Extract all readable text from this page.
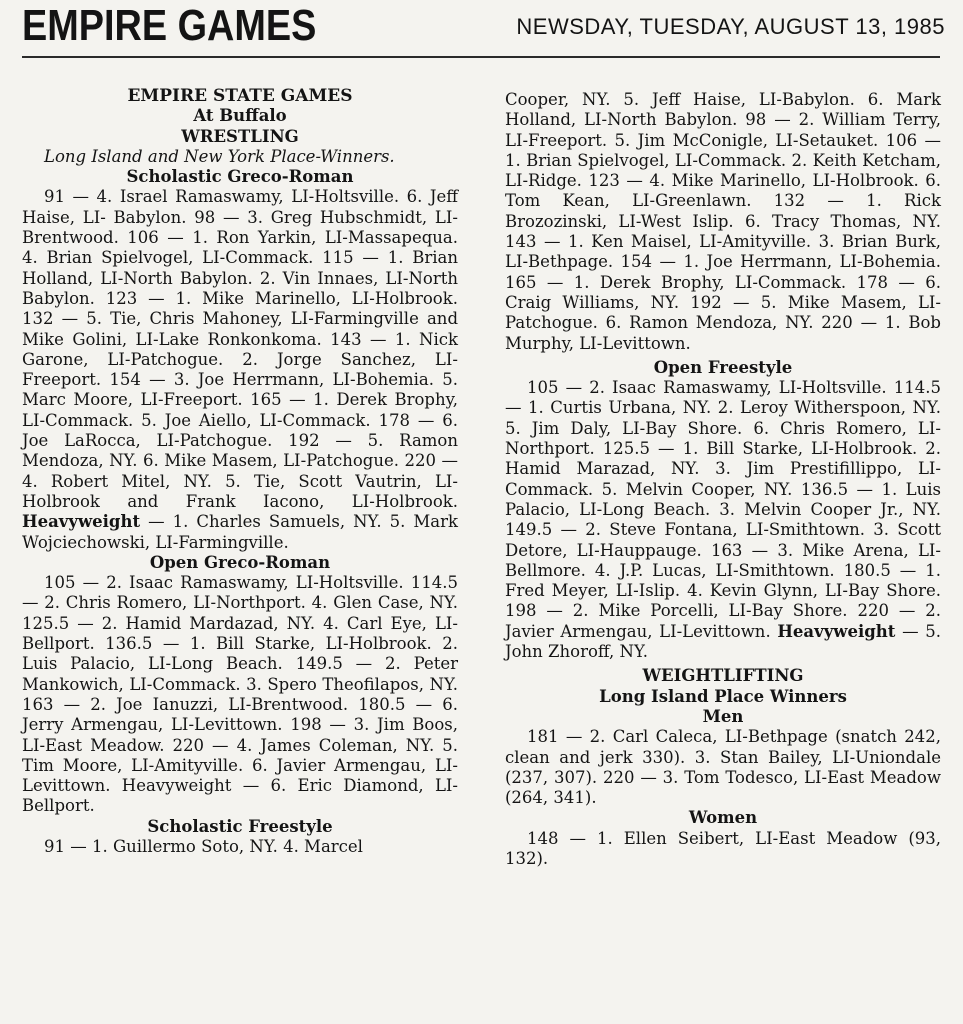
EMPIRE GAMES	NEWSDAY, TUESDAY, AUGUST 13, 1985

EMPIRE STATE GAMES

At Buffalo

WRESTLING

Long Island and New York Place-Winners.

Scholastic Greco-Roman

91 — 4. Israel Ramaswamy, LI-Holtsville. 6. Jeff Haise, LI- Babylon. 98 — 3. Greg Hubschmidt, LI-Brentwood. 106 — 1. Ron Yarkin, LI-Massapequa. 4. Brian Spielvogel, LI-Commack. 115 — 1. Brian Holland, LI-North Babylon. 2. Vin Innaes, LI-North Babylon. 123 — 1. Mike Marinello, LI-Holbrook. 132 — 5. Tie, Chris Mahoney, LI-Farmingville and Mike Golini, LI-Lake Ronkonkoma. 143 — 1. Nick Garone, LI-Patchogue. 2. Jorge Sanchez, LI-Freeport. 154 — 3. Joe Herrmann, LI-Bohemia. 5. Marc Moore, LI-Freeport. 165 — 1. Derek Brophy, LI-Commack. 5. Joe Aiello, LI-Commack. 178 — 6. Joe LaRocca, LI-Patchogue. 192 — 5. Ramon Mendoza, NY. 6. Mike Masem, LI-Patchogue. 220 — 4. Robert Mitel, NY. 5. Tie, Scott Vautrin, LI-Holbrook and Frank Iacono, LI-Holbrook. Heavyweight — 1. Charles Samuels, NY. 5. Mark Wojciechowski, LI-Farmingville.

Open Greco-Roman

105 — 2. Isaac Ramaswamy, LI-Holtsville. 114.5 — 2. Chris Romero, LI-Northport. 4. Glen Case, NY. 125.5 — 2. Hamid Mardazad, NY. 4. Carl Eye, LI-Bellport. 136.5 — 1. Bill Starke, LI-Holbrook. 2. Luis Palacio, LI-Long Beach. 149.5 — 2. Peter Mankowich, LI-Commack. 3. Spero Theofilapos, NY. 163 — 2. Joe Ianuzzi, LI-Brentwood. 180.5 — 6. Jerry Armengau, LI-Levittown. 198 — 3. Jim Boos, LI-East Meadow. 220 — 4. James Coleman, NY. 5. Tim Moore, LI-Amityville. 6. Javier Armengau, LI-Levittown. Heavyweight — 6. Eric Diamond, LI-Bellport.

Scholastic Freestyle

91 — 1. Guillermo Soto, NY. 4. Marcel

Cooper, NY. 5. Jeff Haise, LI-Babylon. 6. Mark Holland, LI-North Babylon. 98 — 2. William Terry, LI-Freeport. 5. Jim McConigle, LI-Setauket. 106 — 1. Brian Spielvogel, LI-Commack. 2. Keith Ketcham, LI-Ridge. 123 — 4. Mike Marinello, LI-Holbrook. 6. Tom Kean, LI-Greenlawn. 132 — 1. Rick Brozozinski, LI-West Islip. 6. Tracy Thomas, NY. 143 — 1. Ken Maisel, LI-Amityville. 3. Brian Burk, LI-Bethpage. 154 — 1. Joe Herrmann, LI-Bohemia. 165 — 1. Derek Brophy, LI-Commack. 178 — 6. Craig Williams, NY. 192 — 5. Mike Masem, LI-Patchogue. 6. Ramon Mendoza, NY. 220 — 1. Bob Murphy, LI-Levittown.

Open Freestyle

105 — 2. Isaac Ramaswamy, LI-Holtsville. 114.5 — 1. Curtis Urbana, NY. 2. Leroy Witherspoon, NY. 5. Jim Daly, LI-Bay Shore. 6. Chris Romero, LI-Northport. 125.5 — 1. Bill Starke, LI-Holbrook. 2. Hamid Marazad, NY. 3. Jim Prestifillippo, LI-Commack. 5. Melvin Cooper, NY. 136.5 — 1. Luis Palacio, LI-Long Beach. 3. Melvin Cooper Jr., NY. 149.5 — 2. Steve Fontana, LI-Smithtown. 3. Scott Detore, LI-Hauppauge. 163 — 3. Mike Arena, LI-Bellmore. 4. J.P. Lucas, LI-Smithtown. 180.5 — 1. Fred Meyer, LI-Islip. 4. Kevin Glynn, LI-Bay Shore. 198 — 2. Mike Porcelli, LI-Bay Shore. 220 — 2. Javier Armengau, LI-Levittown. Heavyweight — 5. John Zhoroff, NY.

WEIGHTLIFTING

Long Island Place Winners

Men

181 — 2. Carl Caleca, LI-Bethpage (snatch 242, clean and jerk 330). 3. Stan Bailey, LI-Uniondale (237, 307). 220 — 3. Tom Todesco, LI-East Meadow (264, 341).

Women

148 — 1. Ellen Seibert, LI-East Meadow (93, 132).
